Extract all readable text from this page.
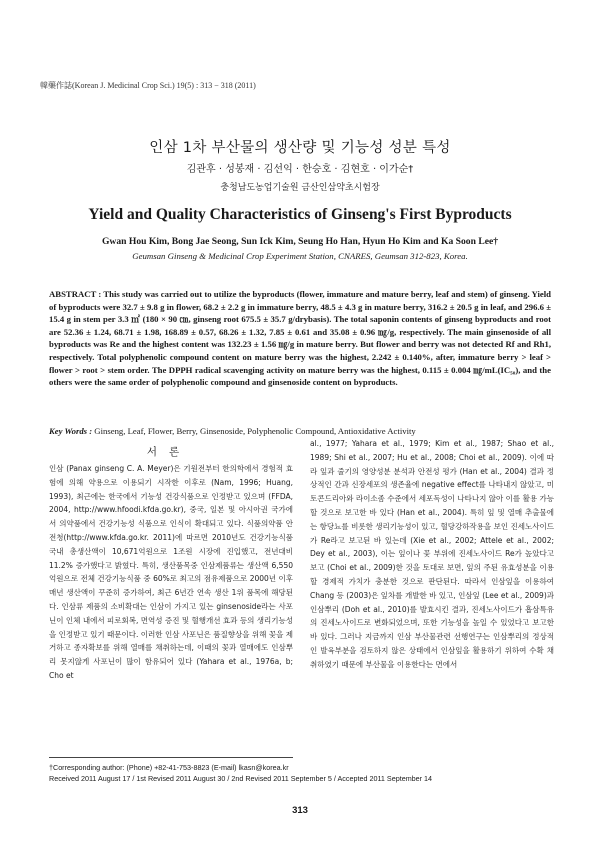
韓藥作誌(Korean J. Medicinal Crop Sci.) 19(5) : 313 − 318 (2011)
인삼 1차 부산물의 생산량 및 기능성 성분 특성
김관후 · 성봉재 · 김선익 · 한승호 · 김현호 · 이가순†
충청남도농업기술원 금산인삼약초시험장
Yield and Quality Characteristics of Ginseng's First Byproducts
Gwan Hou Kim, Bong Jae Seong, Sun Ick Kim, Seung Ho Han, Hyun Ho Kim and Ka Soon Lee†
Geumsan Ginseng & Medicinal Crop Experiment Station, CNARES, Geumsan 312-823, Korea.
ABSTRACT : This study was carried out to utilize the byproducts (flower, immature and mature berry, leaf and stem) of ginseng. Yield of byproducts were 32.7 ± 9.8 g in flower, 68.2 ± 2.2 g in immature berry, 48.5 ± 4.3 g in mature berry, 316.2 ± 20.5 g in leaf, and 296.6 ± 15.4 g in stem per 3.3 ㎡ (180 × 90 ㎝, ginseng root 675.5 ± 35.7 g/drybasis). The total saponin contents of ginseng byproducts and root are 52.36 ± 1.24, 68.71 ± 1.98, 168.89 ± 0.57, 68.26 ± 1.32, 7.85 ± 0.61 and 35.08 ± 0.96 ㎎/g, respectively. The main ginsenoside of all byproducts was Re and the highest content was 132.23 ± 1.56 ㎎/g in mature berry. But flower and berry was not detected Rf and Rh1, respectively. Total polyphenolic compound content on mature berry was the highest, 2.242 ± 0.140%, after, immature berry > leaf > flower > root > stem order. The DPPH radical scavenging activity on mature berry was the highest, 0.115 ± 0.004 ㎎/mL(IC₅₀), and the others were the same order of polyphenolic compound and ginsenoside content on byproducts.
Key Words : Ginseng, Leaf, Flower, Berry, Ginsenoside, Polyphenolic Compound, Antioxidative Activity
서론
인삼 (Panax ginseng C. A. Meyer)은 기원전부터 한의학에서 경험적 효험에 의해 약용으로 이용되기 시작한 이후로 (Nam, 1996; Huang, 1993), 최근에는 한국에서 기능성 건강식품으로 인정받고 있으며 (FFDA, 2004, http://www.hfoodi.kfda.go.kr), 중국, 일본 및 아시아권 국가에서 의약품에서 건강기능성 식품으로 인식이 확대되고 있다. 식품의약품 안전청(http://www.kfda.go.kr. 2011)에 따르면 2010년도 건강기능식품 국내 총생산액이 10,671억원으로 1조원 시장에 진입했고, 전년대비 11.2% 증가했다고 밝혔다. 특히, 생산품목중 인삼제품류는 생산액 6,550억원으로 전체 건강기능식품 중 60%로 최고의 점유제품으로 2000년 이후 매년 생산액이 꾸준히 증가하여, 최근 6년간 연속 생산 1위 품목에 해당된다. 인삼류 제품의 소비확대는 인삼이 가지고 있는 ginsenoside라는 사포닌이 인체 내에서 피로회복, 면역성 증진 및 혈행개선 효과 등의 생리기능성을 인정받고 있기 때문이다. 이러한 인삼 사포닌은 품질향상을 위해 꽃을 제거하고 종자확보를 위해 열매를 채취하는데, 이때의 꽃과 열매에도 인삼뿌리 못지않게 사포닌이 많이 함유되어 있다 (Yahara et al., 1976a, b; Cho et
al., 1977; Yahara et al., 1979; Kim et al., 1987; Shao et al., 1989; Shi et al., 2007; Hu et al., 2008; Choi et al., 2009). 이에 따라 잎과 줄기의 영양성분 분석과 안전성 평가 (Han et al., 2004) 결과 정상적인 간과 신장세포의 생존율에 negative effect를 나타내지 않았고, 미토콘드리아와 라이소좀 수준에서 세포독성이 나타나지 않아 이를 활용 가능할 것으로 보고한 바 있다 (Han et al., 2004). 특히 잎 및 열매 추출물에는 항당뇨를 비롯한 생리기능성이 있고, 혈당강하작용을 보인 진세노사이드가 Re라고 보고된 바 있는데 (Xie et al., 2002; Attele et al., 2002; Dey et al., 2003), 이는 잎이나 꽃 부위에 진세노사이드 Re가 높았다고 보고 (Choi et al., 2009)한 것을 토대로 보면, 잎의 주된 유효성분을 이용할 경제적 가치가 충분한 것으로 판단된다. 따라서 인삼잎을 이용하여 Chang 등 (2003)은 잎차를 개발한 바 있고, 인삼잎 (Lee et al., 2009)과 인삼뿌리 (Doh et al., 2010)를 발효시킨 결과, 진세노사이드가 흡삼특유의 진세노사이드로 변화되었으며, 또한 기능성을 높일 수 있었다고 보고한 바 있다. 그러나 지금까지 인삼 부산물관련 선행연구는 인삼뿌리의 정상적인 발육부분을 검토하지 않은 상태에서 인삼잎을 활용하기 위하여 수확 채취하였기 때문에 부산물을 이용한다는 면에서
†Corresponding author: (Phone) +82-41-753-8823 (E-mail) lkasn@korea.kr
Received 2011 August 17 / 1st Revised 2011 August 30 / 2nd Revised 2011 September 5 / Accepted 2011 September 14
313
